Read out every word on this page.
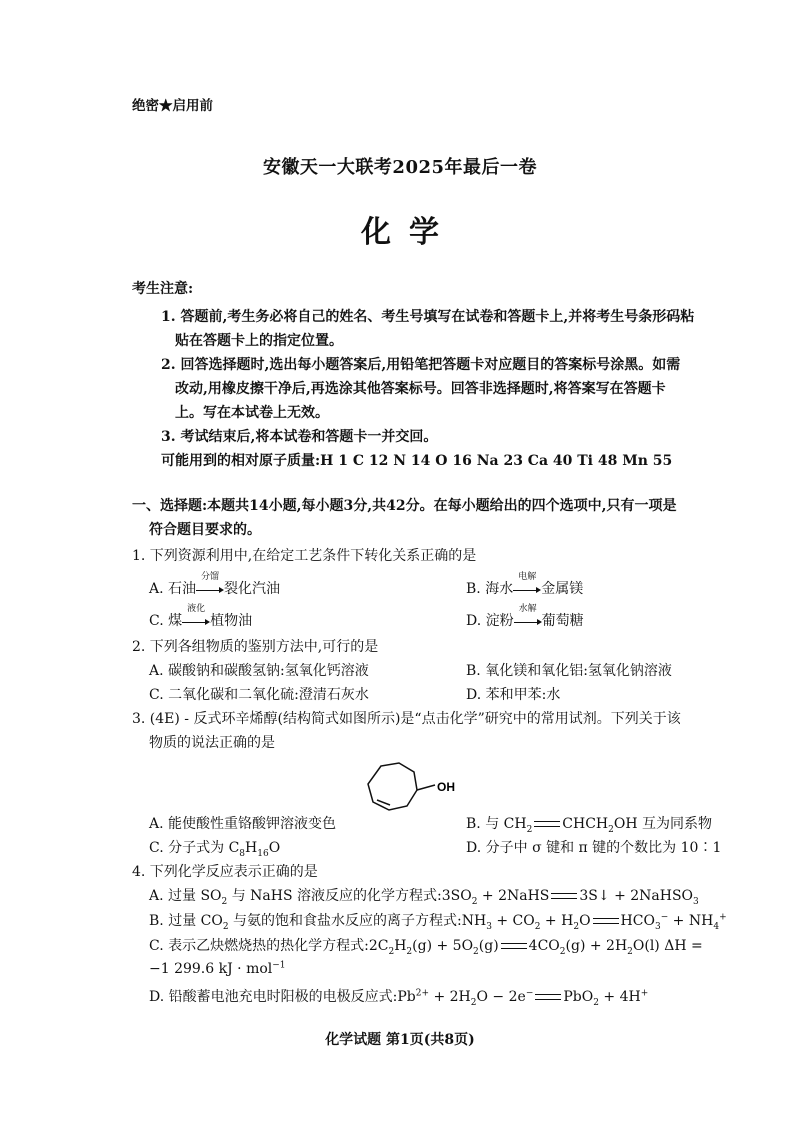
绝密★启用前
安徽天一大联考2025年最后一卷
化学
考生注意:
1. 答题前,考生务必将自己的姓名、考生号填写在试卷和答题卡上,并将考生号条形码粘
贴在答题卡上的指定位置。
2. 回答选择题时,选出每小题答案后,用铅笔把答题卡对应题目的答案标号涂黑。如需
改动,用橡皮擦干净后,再选涂其他答案标号。回答非选择题时,将答案写在答题卡
上。写在本试卷上无效。
3. 考试结束后,将本试卷和答题卡一并交回。
可能用到的相对原子质量:H 1 C 12 N 14 O 16 Na 23 Ca 40 Ti 48 Mn 55
一、选择题:本题共14小题,每小题3分,共42分。在每小题给出的四个选项中,只有一项是
符合题目要求的。
1. 下列资源利用中,在给定工艺条件下转化关系正确的是
A. 石油
分馏
裂化汽油	B. 海水
电解
金属镁
C. 煤
液化
植物油	D. 淀粉
水解
葡萄糖
2. 下列各组物质的鉴别方法中,可行的是
A. 碳酸钠和碳酸氢钠:氢氧化钙溶液	B. 氧化镁和氧化铝:氢氧化钠溶液
C. 二氧化碳和二氧化硫:澄清石灰水	D. 苯和甲苯:水
3. (4E) - 反式环辛烯醇(结构简式如图所示)是“点击化学”研究中的常用试剂。下列关于该
物质的说法正确的是
OH
A. 能使酸性重铬酸钾溶液变色	B. 与 $CH_2$ $CHCH_2OH$ 互为同系物
C. 分子式为 $C_8H_{16}O$	D. 分子中 σ 键和 π 键的个数比为 10∶1
4. 下列化学反应表示正确的是
A. 过量 $SO_2$ 与 NaHS 溶液反应的化学方程式$:3SO_2$ + 2NaHS 3S↓ + 2NaHSO$_3$
B. 过量 $CO_2$ 与氨的饱和食盐水反应的离子方程式$:NH_3 + CO_2 + H_2O$ $HCO_3^- + NH_4^+$
C. 表示乙炔燃烧热的热化学方程式$:2C_2H_2(g) + 5O_2(g) 4CO_2(g) + 2H_2O(l) \Delta H$ =
−1 299.6 kJ · mol$^{-1}$
D. 铅酸蓄电池充电时阳极的电极反应式$:Pb^{2+} + 2H_2O - 2e^-$ PbO$_2$ + 4H+
化学试题 第1页(共8页)
